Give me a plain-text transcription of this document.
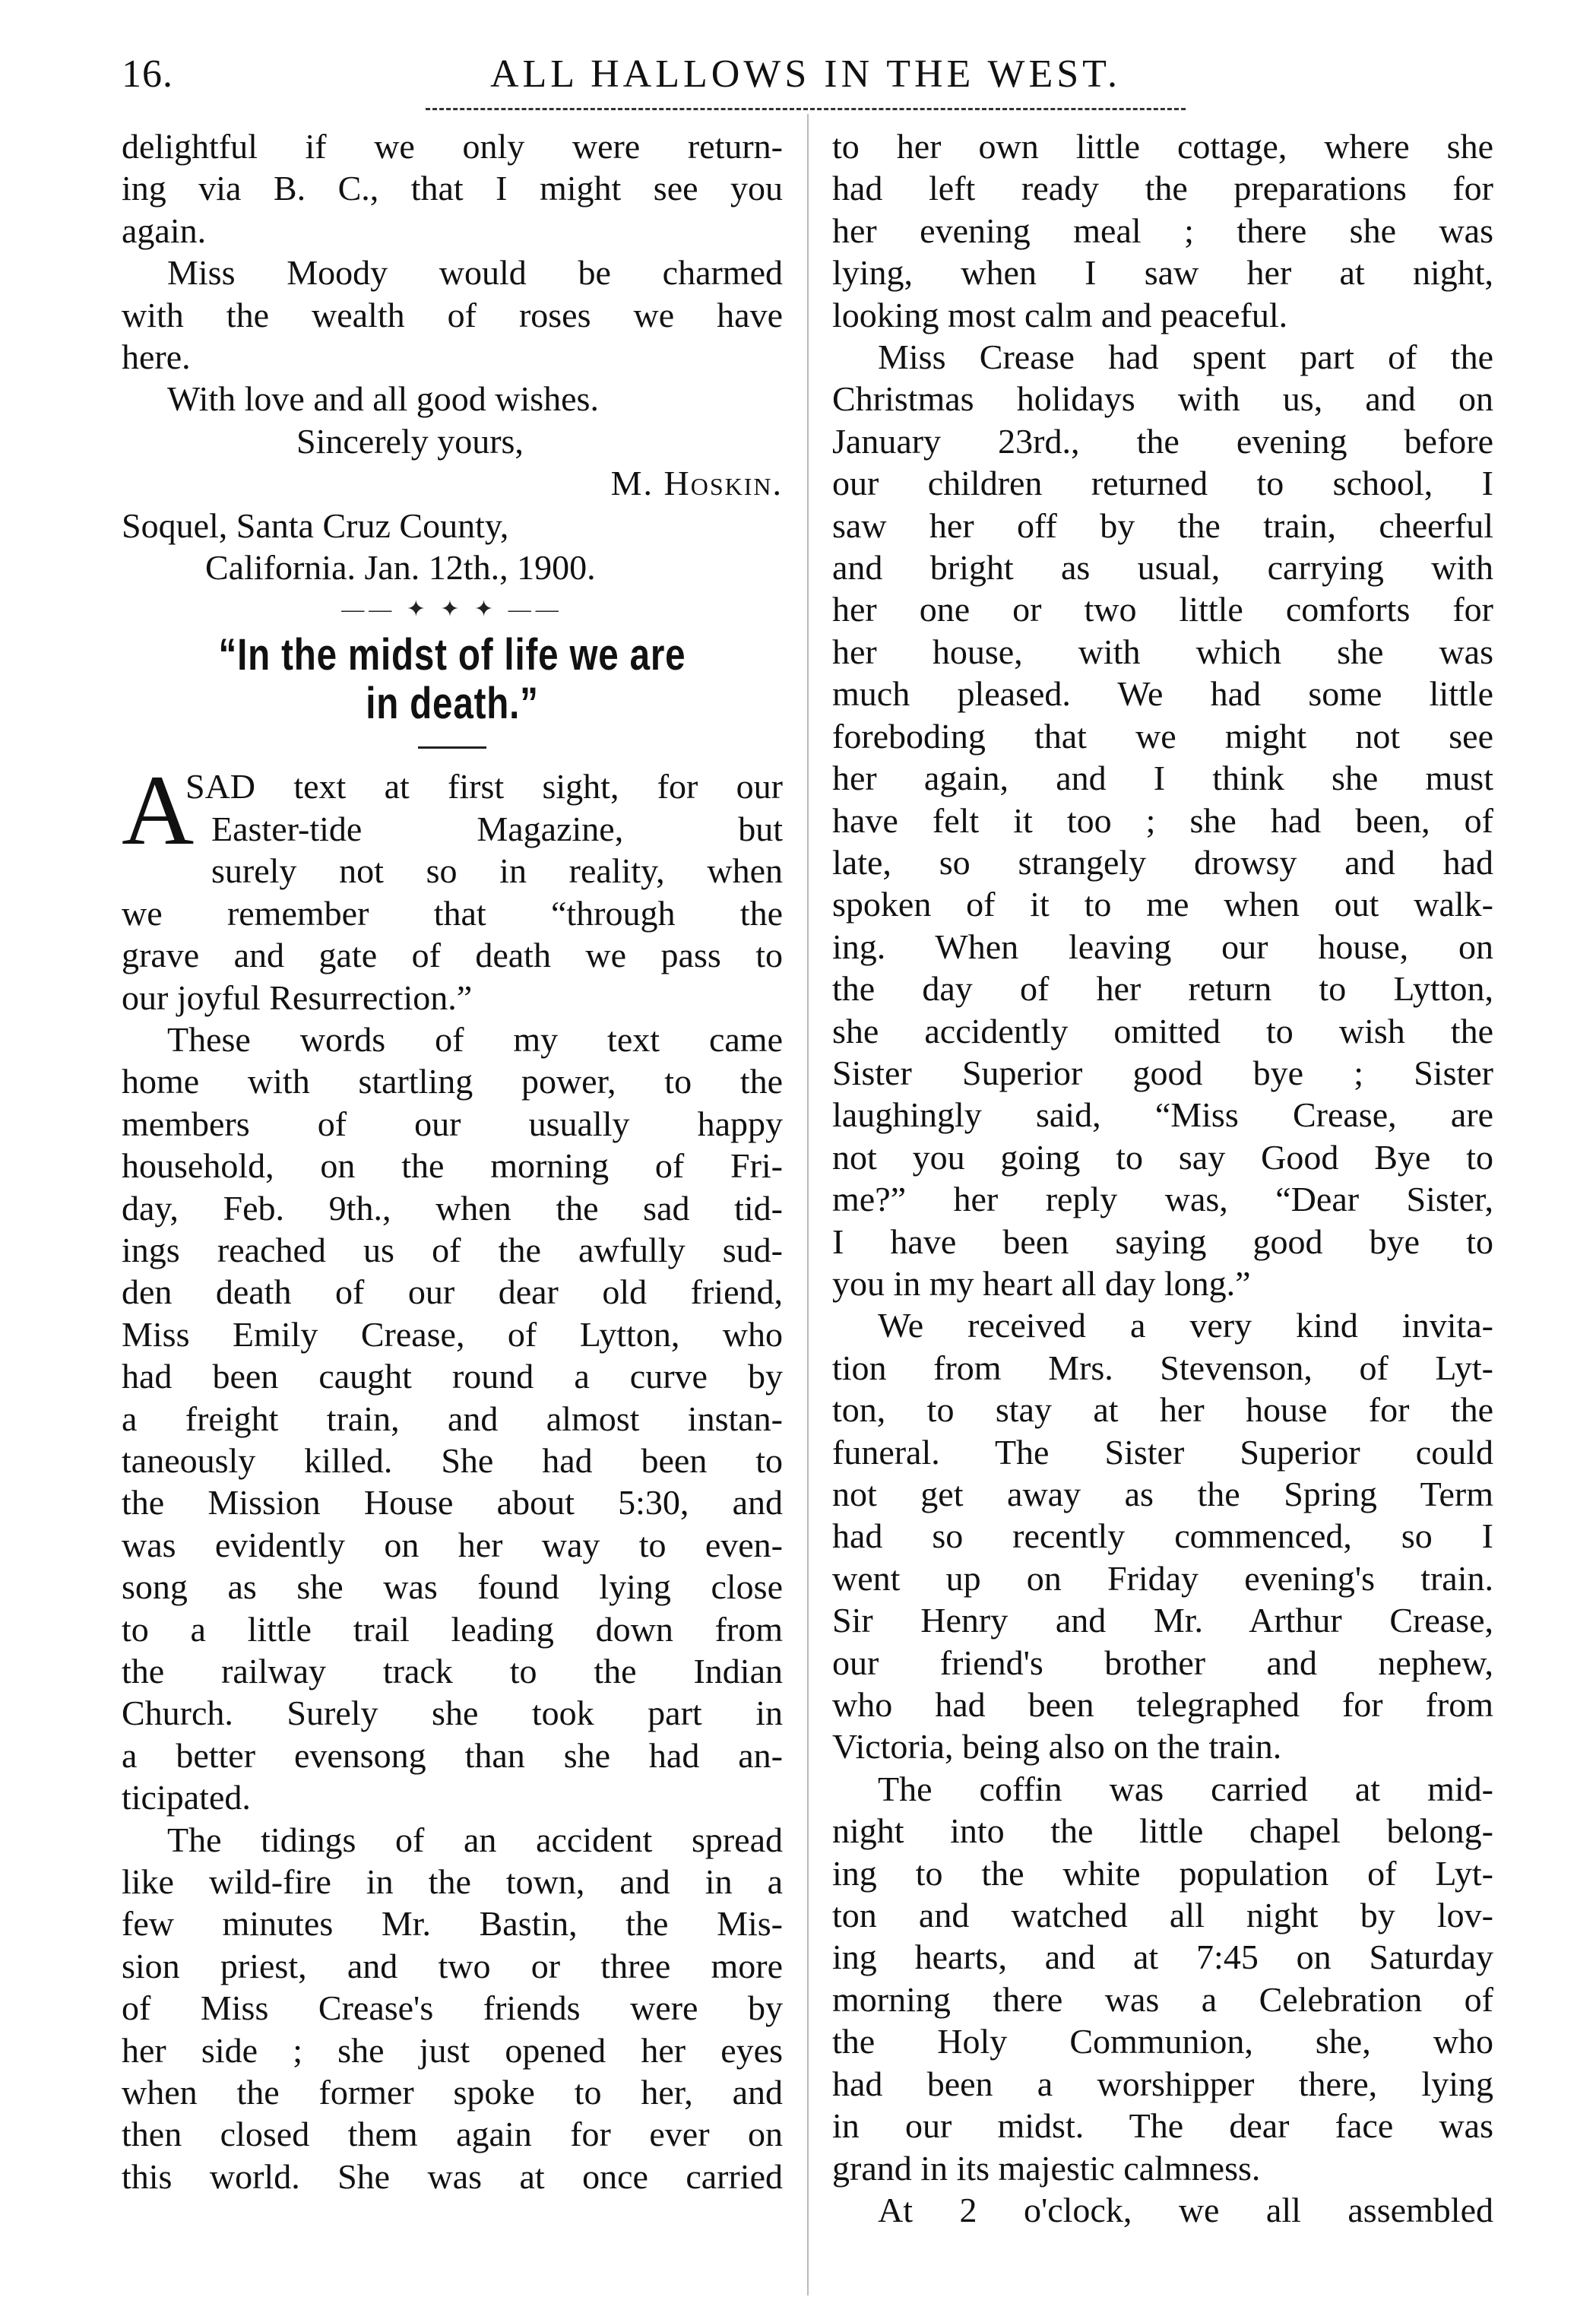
16.	ALL HALLOWS IN THE WEST.

delightful if we only were return-

ing via B. C., that I might see you

again.

Miss Moody would be charmed

with the wealth of roses we have

here.

With love and all good wishes.

Sincerely yours,

M. Hoskin.

Soquel, Santa Cruz County,

California. Jan. 12th., 1900.

—— ✦ ✦ ✦ ——
“In the midst of life we are
in death.”
A

SAD text at first sight, for our

Easter-tide Magazine, but

surely not so in reality, when

we remember that “through the

grave and gate of death we pass to

our joyful Resurrection.”

These words of my text came

home with startling power, to the

members of our usually happy

household, on the morning of Fri-

day, Feb. 9th., when the sad tid-

ings reached us of the awfully sud-

den death of our dear old friend,

Miss Emily Crease, of Lytton, who

had been caught round a curve by

a freight train, and almost instan-

taneously killed. She had been to

the Mission House about 5:30, and

was evidently on her way to even-

song as she was found lying close

to a little trail leading down from

the railway track to the Indian

Church. Surely she took part in

a better evensong than she had an-

ticipated.

The tidings of an accident spread

like wild-fire in the town, and in a

few minutes Mr. Bastin, the Mis-

sion priest, and two or three more

of Miss Crease's friends were by

her side ; she just opened her eyes

when the former spoke to her, and

then closed them again for ever on

this world. She was at once carried

to her own little cottage, where she

had left ready the preparations for

her evening meal ; there she was

lying, when I saw her at night,

looking most calm and peaceful.

Miss Crease had spent part of the

Christmas holidays with us, and on

January 23rd., the evening before

our children returned to school, I

saw her off by the train, cheerful

and bright as usual, carrying with

her one or two little comforts for

her house, with which she was

much pleased. We had some little

foreboding that we might not see

her again, and I think she must

have felt it too ; she had been, of

late, so strangely drowsy and had

spoken of it to me when out walk-

ing. When leaving our house, on

the day of her return to Lytton,

she accidently omitted to wish the

Sister Superior good bye ; Sister

laughingly said, “Miss Crease, are

not you going to say Good Bye to

me?” her reply was, “Dear Sister,

I have been saying good bye to

you in my heart all day long.”

We received a very kind invita-

tion from Mrs. Stevenson, of Lyt-

ton, to stay at her house for the

funeral. The Sister Superior could

not get away as the Spring Term

had so recently commenced, so I

went up on Friday evening's train.

Sir Henry and Mr. Arthur Crease,

our friend's brother and nephew,

who had been telegraphed for from

Victoria, being also on the train.

The coffin was carried at mid-

night into the little chapel belong-

ing to the white population of Lyt-

ton and watched all night by lov-

ing hearts, and at 7:45 on Saturday

morning there was a Celebration of

the Holy Communion, she, who

had been a worshipper there, lying

in our midst. The dear face was

grand in its majestic calmness.

At 2 o'clock, we all assembled
